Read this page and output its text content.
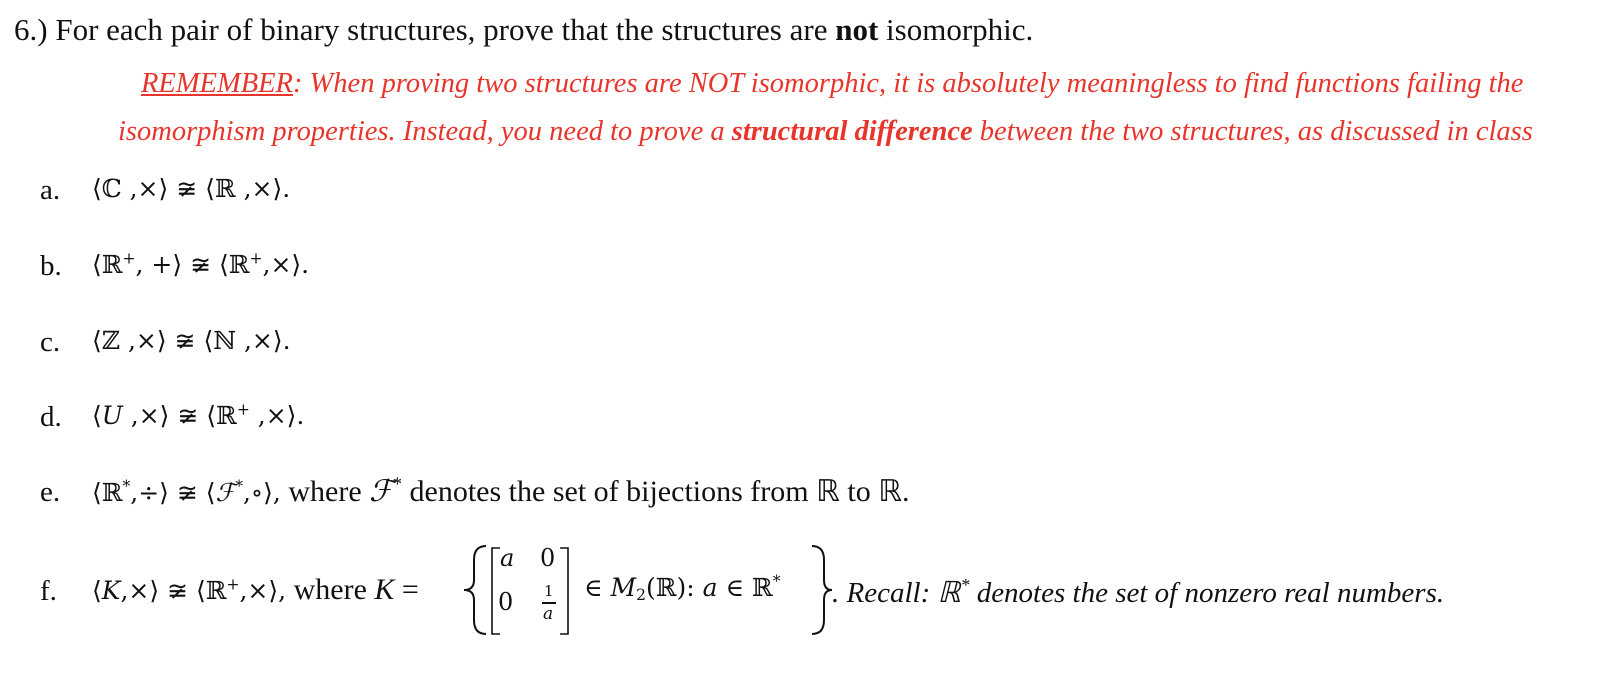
6.) For each pair of binary structures, prove that the structures are not isomorphic.
REMEMBER: When proving two structures are NOT isomorphic, it is absolutely meaningless to find functions failing the
isomorphism properties. Instead, you need to prove a structural difference between the two structures, as discussed in class
a. ⟨ℂ ,×⟩ ≆ ⟨ℝ ,×⟩.
b. ⟨ℝ+, +⟩ ≆ ⟨ℝ+,×⟩.
c. ⟨ℤ ,×⟩ ≆ ⟨ℕ ,×⟩.
d. ⟨U ,×⟩ ≆ ⟨ℝ+ ,×⟩.
e. ⟨ℝ*,÷⟩ ≆ ⟨ℱ*,∘⟩, where ℱ* denotes the set of bijections from ℝ to ℝ.
f. ⟨K,×⟩ ≆ ⟨ℝ+,×⟩, where K =
a 0
0 1
a
∈ $M_2(ℝ)$: a ∈ ℝ* . Recall: ℝ* denotes the set of nonzero real numbers.
